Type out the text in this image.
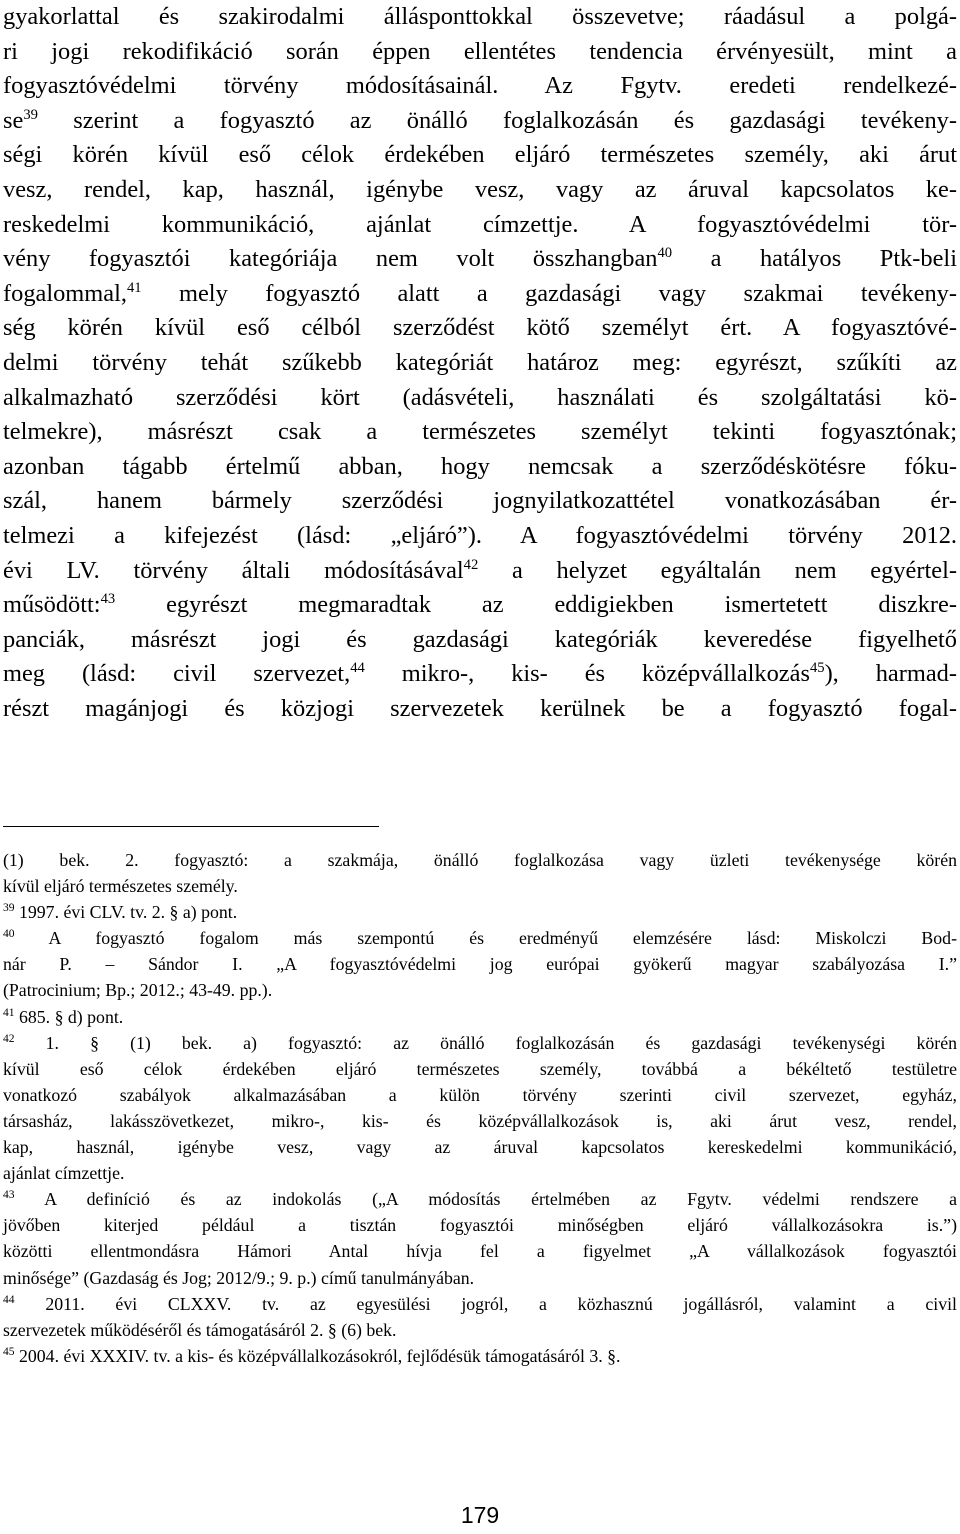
gyakorlattal és szakirodalmi állásponttokkal összevetve; ráadásul a polgá-
ri jogi rekodifikáció során éppen ellentétes tendencia érvényesült, mint a
fogyasztóvédelmi törvény módosításainál. Az Fgytv. eredeti rendelkezé-
$se^{39}$ szerint a fogyasztó az önálló foglalkozásán és gazdasági tevékeny-
ségi körén kívül eső célok érdekében eljáró természetes személy, aki árut
vesz, rendel, kap, használ, igénybe vesz, vagy az áruval kapcsolatos ke-
reskedelmi kommunikáció, ajánlat címzettje. A fogyasztóvédelmi tör-
vény fogyasztói kategóriája nem volt összhangban$^{40}$ a hatályos Ptk-beli
fogalommal,$^{41}$ mely fogyasztó alatt a gazdasági vagy szakmai tevékeny-
ség körén kívül eső célból szerződést kötő személyt ért. A fogyasztóvé-
delmi törvény tehát szűkebb kategóriát határoz meg: egyrészt, szűkíti az
alkalmazható szerződési kört (adásvételi, használati és szolgáltatási kö-
telmekre), másrészt csak a természetes személyt tekinti fogyasztónak;
azonban tágabb értelmű abban, hogy nemcsak a szerződéskötésre fóku-
szál, hanem bármely szerződési jognyilatkozattétel vonatkozásában ér-
telmezi a kifejezést (lásd: „eljáró”). A fogyasztóvédelmi törvény 2012.
évi LV. törvény általi módosításával$^{42}$ a helyzet egyáltalán nem egyértel-
műsödött:$^{43}$ egyrészt megmaradtak az eddigiekben ismertetett diszkre-
panciák, másrészt jogi és gazdasági kategóriák keveredése figyelhető
meg (lásd: civil szervezet,$^{44}$ mikro-, kis- és középvállalkozás$^{45}$), harmad-
részt magánjogi és közjogi szervezetek kerülnek be a fogyasztó fogal-
(1) bek. 2. fogyasztó: a szakmája, önálló foglalkozása vagy üzleti tevékenysége körén
kívül eljáró természetes személy.
$^{39}$ 1997. évi CLV. tv. 2. § a) pont.
$^{40}$ A fogyasztó fogalom más szempontú és eredményű elemzésére lásd: Miskolczi Bod-
nár P. – Sándor I. „A fogyasztóvédelmi jog európai gyökerű magyar szabályozása I.”
(Patrocinium; Bp.; 2012.; 43-49. pp.).
$^{41}$ 685. § d) pont.
$^{42}$ 1. § (1) bek. a) fogyasztó: az önálló foglalkozásán és gazdasági tevékenységi körén
kívül eső célok érdekében eljáró természetes személy, továbbá a békéltető testületre
vonatkozó szabályok alkalmazásában a külön törvény szerinti civil szervezet, egyház,
társasház, lakásszövetkezet, mikro-, kis- és középvállalkozások is, aki árut vesz, rendel,
kap, használ, igénybe vesz, vagy az áruval kapcsolatos kereskedelmi kommunikáció,
ajánlat címzettje.
$^{43}$ A definíció és az indokolás („A módosítás értelmében az Fgytv. védelmi rendszere a
jövőben kiterjed például a tisztán fogyasztói minőségben eljáró vállalkozásokra is.”)
közötti ellentmondásra Hámori Antal hívja fel a figyelmet „A vállalkozások fogyasztói
minősége” (Gazdaság és Jog; 2012/9.; 9. p.) című tanulmányában.
$^{44}$ 2011. évi CLXXV. tv. az egyesülési jogról, a közhasznú jogállásról, valamint a civil
szervezetek működéséről és támogatásáról 2. § (6) bek.
$^{45}$ 2004. évi XXXIV. tv. a kis- és középvállalkozásokról, fejlődésük támogatásáról 3. §.
179
